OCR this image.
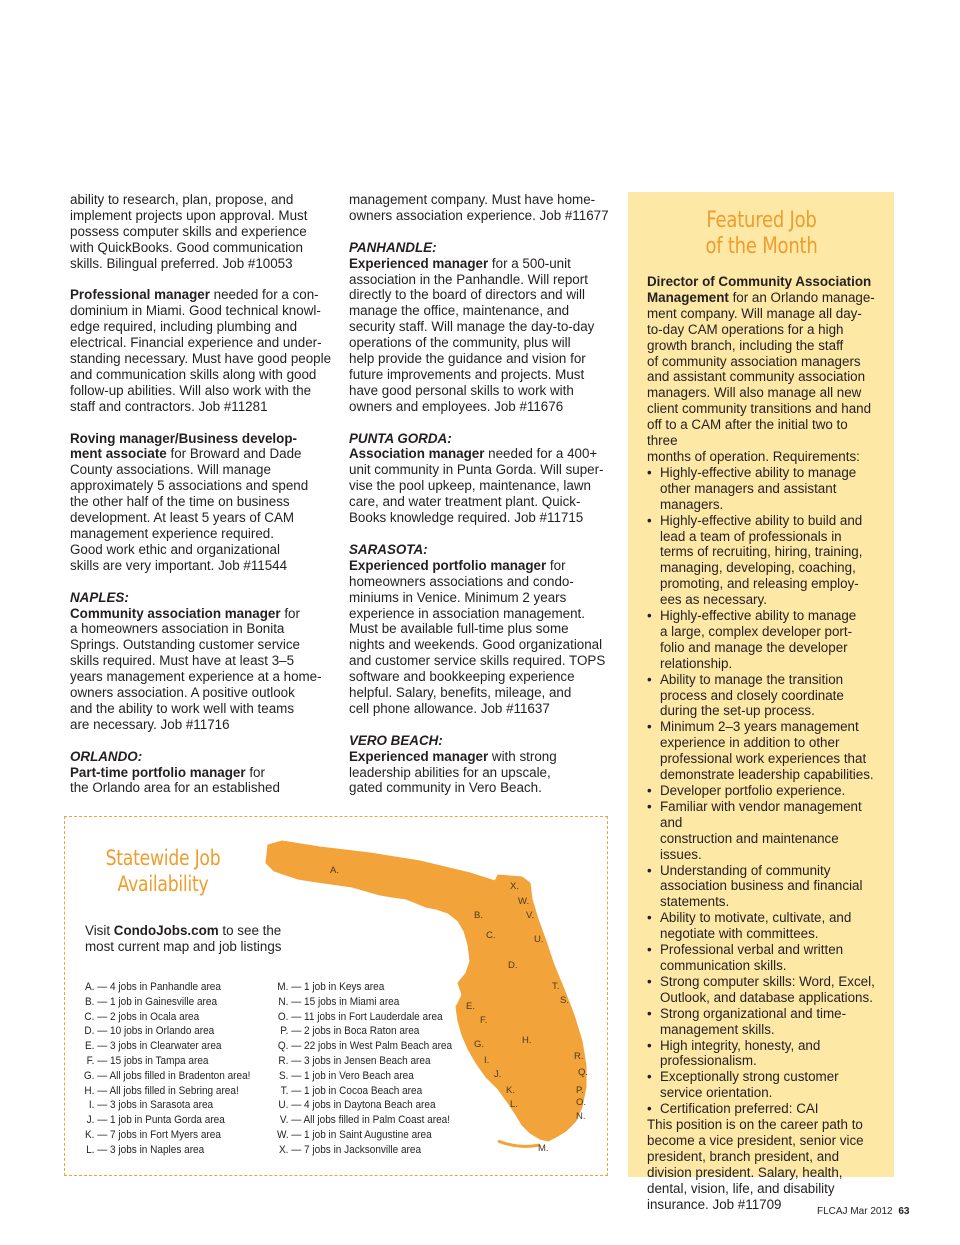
ability to research, plan, propose, and
implement projects upon approval. Must
possess computer skills and experience
with QuickBooks. Good communication
skills. Bilingual preferred. Job #10053

Professional manager needed for a con-
dominium in Miami. Good technical knowl-
edge required, including plumbing and
electrical. Financial experience and under-
standing necessary. Must have good people
and communication skills along with good
follow-up abilities. Will also work with the
staff and contractors. Job #11281

Roving manager/Business develop-
ment associate for Broward and Dade
County associations. Will manage
approximately 5 associations and spend
the other half of the time on business
development. At least 5 years of CAM
management experience required.
Good work ethic and organizational
skills are very important. Job #11544

NAPLES:
Community association manager for
a homeowners association in Bonita
Springs. Outstanding customer service
skills required. Must have at least 3–5
years management experience at a home-
owners association. A positive outlook
and the ability to work well with teams
are necessary. Job #11716

ORLANDO:
Part-time portfolio manager for
the Orlando area for an established

management company. Must have home-
owners association experience. Job #11677

PANHANDLE:
Experienced manager for a 500-unit
association in the Panhandle. Will report
directly to the board of directors and will
manage the office, maintenance, and
security staff. Will manage the day-to-day
operations of the community, plus will
help provide the guidance and vision for
future improvements and projects. Must
have good personal skills to work with
owners and employees. Job #11676

PUNTA GORDA:
Association manager needed for a 400+
unit community in Punta Gorda. Will super-
vise the pool upkeep, maintenance, lawn
care, and water treatment plant. Quick-
Books knowledge required. Job #11715

SARASOTA:
Experienced portfolio manager for
homeowners associations and condo-
miniums in Venice. Minimum 2 years
experience in association management.
Must be available full-time plus some
nights and weekends. Good organizational
and customer service skills required. TOPS
software and bookkeeping experience
helpful. Salary, benefits, mileage, and
cell phone allowance. Job #11637

VERO BEACH:
Experienced manager with strong
leadership abilities for an upscale,
gated community in Vero Beach.

Featured Job
of the Month

Director of Community Association
Management for an Orlando manage-
ment company. Will manage all day-
to-day CAM operations for a high
growth branch, including the staff
of community association managers
and assistant community association
managers. Will also manage all new
client community transitions and hand
off to a CAM after the initial two to three
months of operation. Requirements:

• Highly-effective ability to manage
other managers and assistant
managers.
• Highly-effective ability to build and
lead a team of professionals in
terms of recruiting, hiring, training,
managing, developing, coaching,
promoting, and releasing employ-
ees as necessary.
• Highly-effective ability to manage
a large, complex developer port-
folio and manage the developer
relationship.
• Ability to manage the transition
process and closely coordinate
during the set-up process.
• Minimum 2–3 years management
experience in addition to other
professional work experiences that
demonstrate leadership capabilities.
• Developer portfolio experience.
• Familiar with vendor management and
construction and maintenance issues.
• Understanding of community
association business and financial
statements.
• Ability to motivate, cultivate, and
negotiate with committees.
• Professional verbal and written
communication skills.
• Strong computer skills: Word, Excel,
Outlook, and database applications.
• Strong organizational and time-
management skills.
• High integrity, honesty, and
professionalism.
• Exceptionally strong customer
service orientation.
• Certification preferred: CAI

This position is on the career path to
become a vice president, senior vice
president, branch president, and
division president. Salary, health,
dental, vision, life, and disability
insurance. Job #11709

Statewide Job
Availability
Visit CondoJobs.com to see the
most current map and job listings
A.
X.
W.
V.
B.
C.	U.
D.
T.
S.
E.
F.
G.	H.
I.
J.
R.
Q.
P.
O.
N.
K.
L.
M.
A. — 4 jobs in Panhandle area
B. — 1 job in Gainesville area
C. — 2 jobs in Ocala area
D. — 10 jobs in Orlando area
E. — 3 jobs in Clearwater area
F. — 15 jobs in Tampa area
G. — All jobs filled in Bradenton area!
H. — All jobs filled in Sebring area!
I. — 3 jobs in Sarasota area
J. — 1 job in Punta Gorda area
K. — 7 jobs in Fort Myers area
L. — 3 jobs in Naples area
M. — 1 job in Keys area
N. — 15 jobs in Miami area
O. — 11 jobs in Fort Lauderdale area
P. — 2 jobs in Boca Raton area
Q. — 22 jobs in West Palm Beach area
R. — 3 jobs in Jensen Beach area
S. — 1 job in Vero Beach area
T. — 1 job in Cocoa Beach area
U. — 4 jobs in Daytona Beach area
V. — All jobs filled in Palm Coast area!
W. — 1 job in Saint Augustine area
X. — 7 jobs in Jacksonville area
FLCAJ Mar 2012 63
